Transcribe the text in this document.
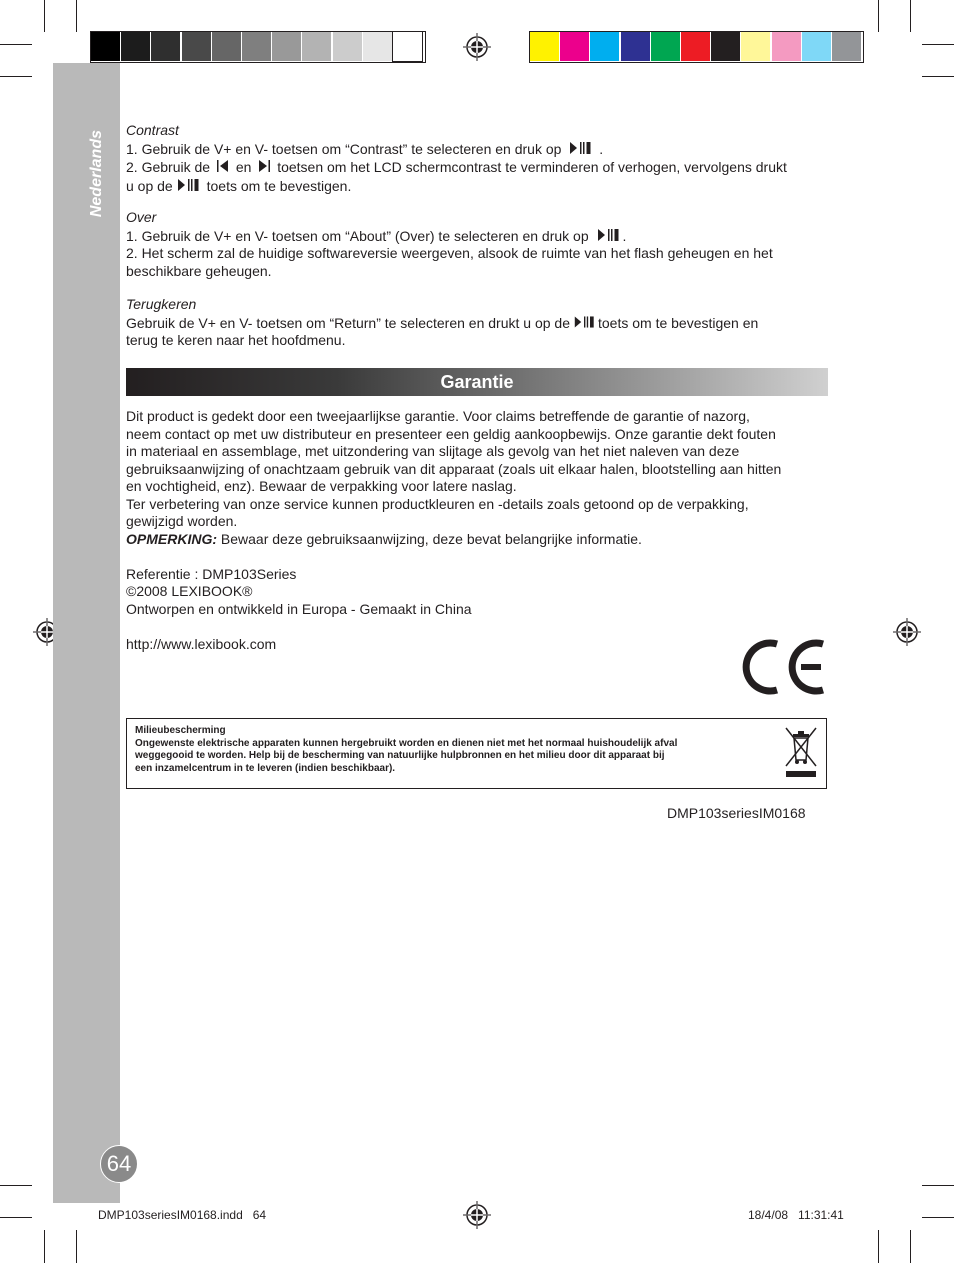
Nederlands
64

Contrast

1. Gebruik de V+ en V- toetsen om “Contrast” te selecteren en druk op	.

2. Gebruik de en toetsen om het LCD schermcontrast te verminderen of verhogen, vervolgens drukt

u op de toets om te bevestigen.

Over

1. Gebruik de V+ en V- toetsen om “About” (Over) te selecteren en druk op .

2. Het scherm zal de huidige softwareversie weergeven, alsook de ruimte van het flash geheugen en het

beschikbare geheugen.

Terugkeren

Gebruik de V+ en V- toetsen om “Return” te selecteren en drukt u op de toets om te bevestigen en

terug te keren naar het hoofdmenu.

Garantie

Dit product is gedekt door een tweejaarlijkse garantie. Voor claims betreffende de garantie of nazorg,

neem contact op met uw distributeur en presenteer een geldig aankoopbewijs. Onze garantie dekt fouten

in materiaal en assemblage, met uitzondering van slijtage als gevolg van het niet naleven van deze

gebruiksaanwijzing of onachtzaam gebruik van dit apparaat (zoals uit elkaar halen, blootstelling aan hitten

en vochtigheid, enz). Bewaar de verpakking voor latere naslag.

Ter verbetering van onze service kunnen productkleuren en -details zoals getoond op de verpakking,

gewijzigd worden.

OPMERKING: Bewaar deze gebruiksaanwijzing, deze bevat belangrijke informatie.

Referentie : DMP103Series

©2008 LEXIBOOK®

Ontworpen en ontwikkeld in Europa - Gemaakt in China

http://www.lexibook.com

Milieubescherming
Ongewenste elektrische apparaten kunnen hergebruikt worden en dienen niet met het normaal huishoudelijk afval
weggegooid te worden. Help bij de bescherming van natuurlijke hulpbronnen en het milieu door dit apparaat bij
een inzamelcentrum in te leveren (indien beschikbaar).
DMP103seriesIM0168
DMP103seriesIM0168.indd   64	18/4/08   11:31:41
